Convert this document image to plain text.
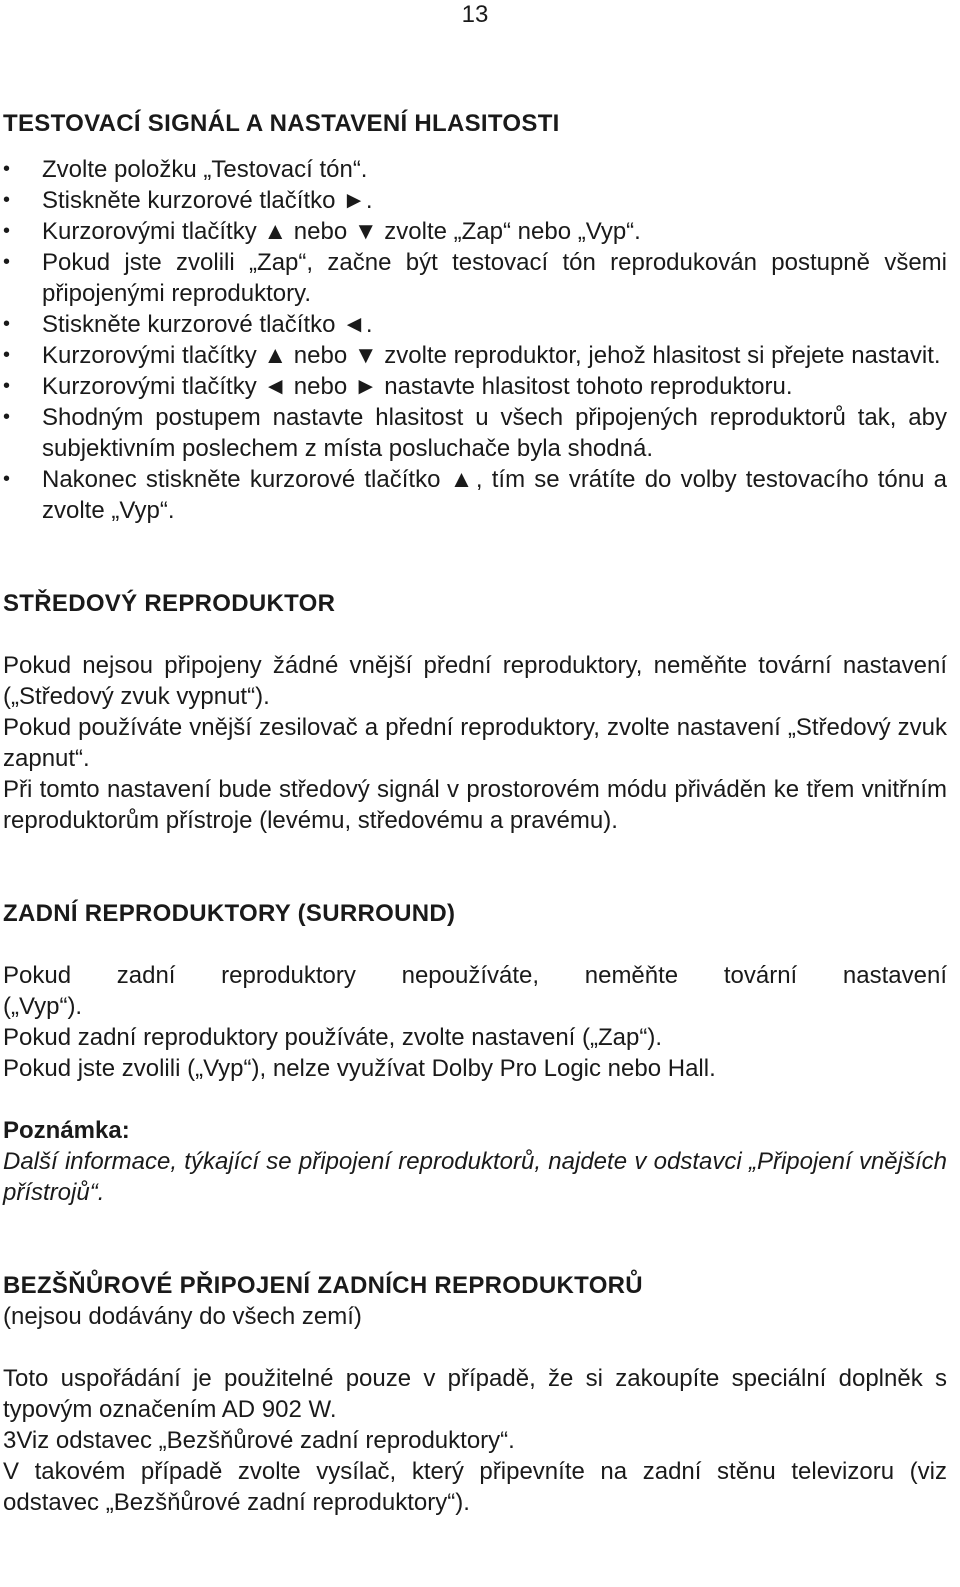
13
TESTOVACÍ SIGNÁL A NASTAVENÍ HLASITOSTI
• Zvolte položku „Testovací tón“.
• Stiskněte kurzorové tlačítko ►.
• Kurzorovými tlačítky ▲ nebo ▼ zvolte „Zap“ nebo „Vyp“.
• Pokud jste zvolili „Zap“, začne být testovací tón reprodukován postupně všemi připojenými reproduktory.
• Stiskněte kurzorové tlačítko ◄.
• Kurzorovými tlačítky ▲ nebo ▼ zvolte reproduktor, jehož hlasitost si přejete nastavit.
• Kurzorovými tlačítky ◄ nebo ► nastavte hlasitost tohoto reproduktoru.
• Shodným postupem nastavte hlasitost u všech připojených reproduktorů tak, aby subjektivním poslechem z místa posluchače byla shodná.
• Nakonec stiskněte kurzorové tlačítko ▲, tím se vrátíte do volby testovacího tónu a zvolte „Vyp“.
STŘEDOVÝ REPRODUKTOR

Pokud nejsou připojeny žádné vnější přední reproduktory, neměňte tovární nastavení („Středový zvuk vypnut“).

Pokud používáte vnější zesilovač a přední reproduktory, zvolte nastavení „Středový zvuk zapnut“.

Při tomto nastavení bude středový signál v prostorovém módu přiváděn ke třem vnitřním reproduktorům přístroje (levému, středovému a pravému).

ZADNÍ REPRODUKTORY (SURROUND)

Pokud zadní reproduktory nepoužíváte, neměňte tovární nastavení

(„Vyp“).

Pokud zadní reproduktory používáte, zvolte nastavení („Zap“).

Pokud jste zvolili („Vyp“), nelze využívat Dolby Pro Logic nebo Hall.

Poznámka:

Další informace, týkající se připojení reproduktorů, najdete v odstavci „Připojení vnějších přístrojů“.

BEZŠŇŮROVÉ PŘIPOJENÍ ZADNÍCH REPRODUKTORŮ

(nejsou dodávány do všech zemí)

Toto uspořádání je použitelné pouze v případě, že si zakoupíte speciální doplněk s typovým označením AD 902 W.

3Viz odstavec „Bezšňůrové zadní reproduktory“.

V takovém případě zvolte vysílač, který připevníte na zadní stěnu televizoru (viz odstavec „Bezšňůrové zadní reproduktory“).
